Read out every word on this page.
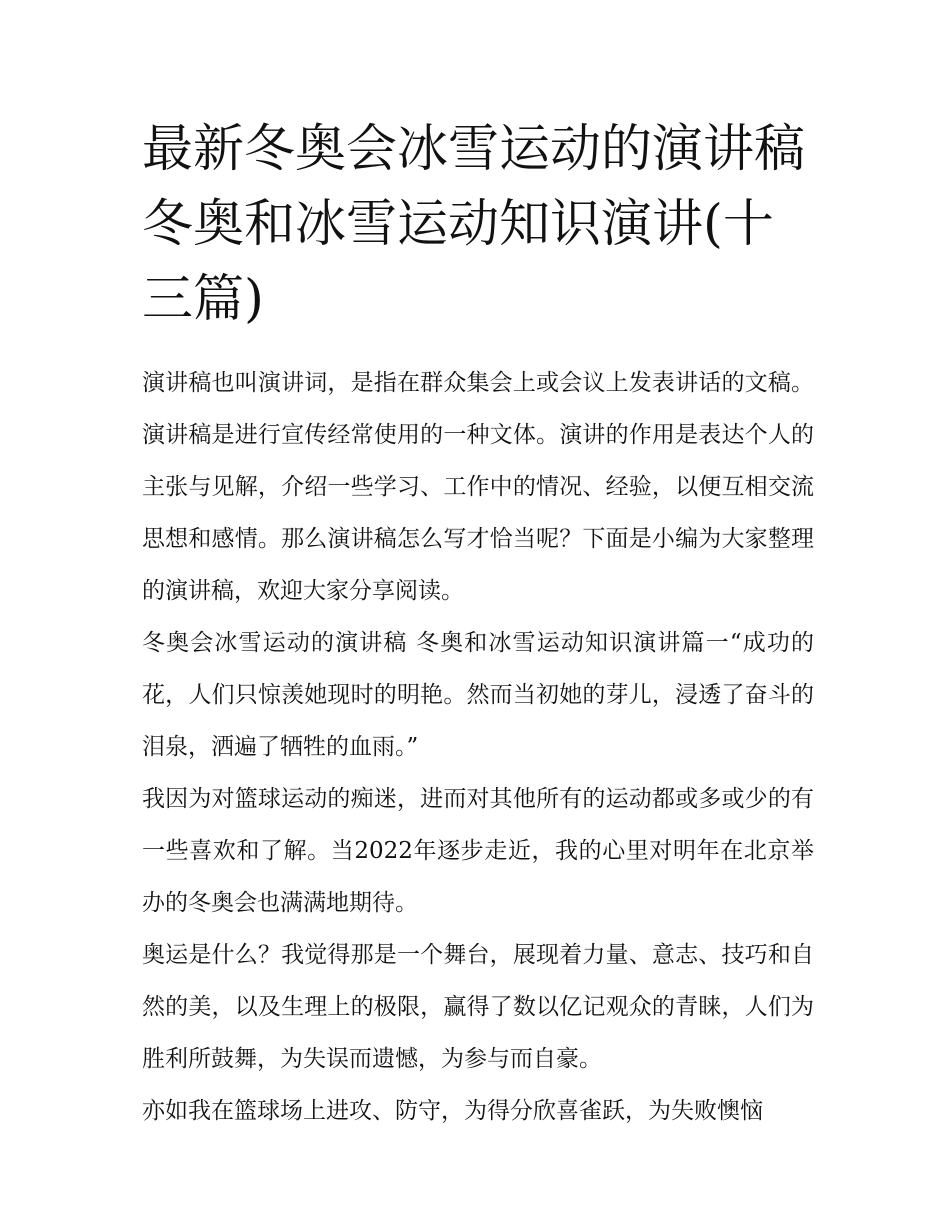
最新冬奥会冰雪运动的演讲稿 冬奥和冰雪运动知识演讲(十三篇)

演讲稿也叫演讲词，是指在群众集会上或会议上发表讲话的文稿。演讲稿是进行宣传经常使用的一种文体。演讲的作用是表达个人的主张与见解，介绍一些学习、工作中的情况、经验，以便互相交流思想和感情。那么演讲稿怎么写才恰当呢？下面是小编为大家整理的演讲稿，欢迎大家分享阅读。

冬奥会冰雪运动的演讲稿 冬奥和冰雪运动知识演讲篇一“成功的花，人们只惊羡她现时的明艳。然而当初她的芽儿，浸透了奋斗的泪泉，洒遍了牺牲的血雨。”

我因为对篮球运动的痴迷，进而对其他所有的运动都或多或少的有一些喜欢和了解。当2022年逐步走近，我的心里对明年在北京举办的冬奥会也满满地期待。

奥运是什么？我觉得那是一个舞台，展现着力量、意志、技巧和自然的美，以及生理上的极限，赢得了数以亿记观众的青睐，人们为胜利所鼓舞，为失误而遗憾，为参与而自豪。

亦如我在篮球场上进攻、防守，为得分欣喜雀跃，为失败懊恼
